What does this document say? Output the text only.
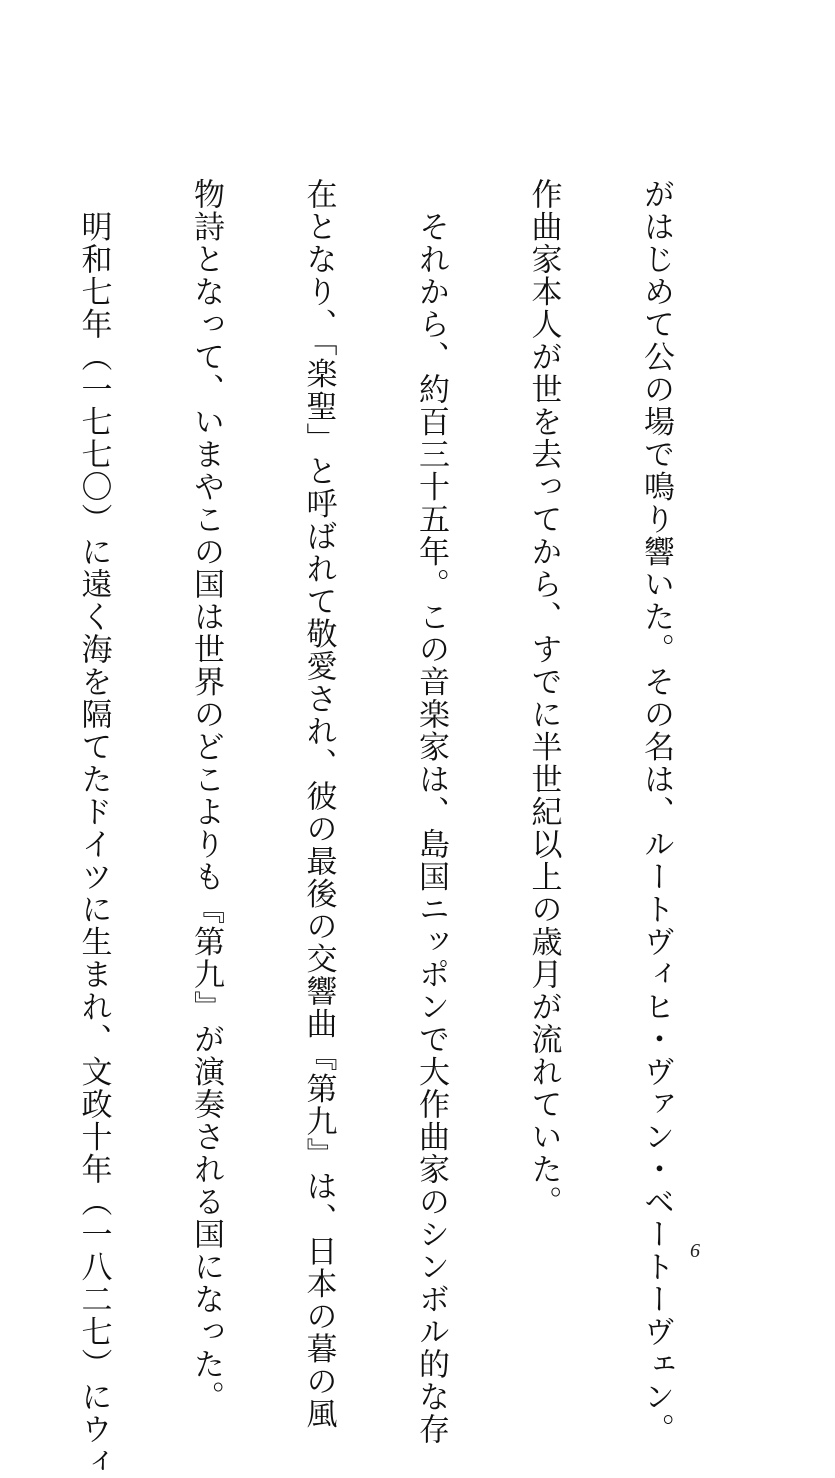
がはじめて公の場で鳴り響いた。その名は、ルートヴィヒ・ヴァン・ベートーヴェン。

作曲家本人が世を去ってから、すでに半世紀以上の歳月が流れていた。

　それから、約百三十五年。この音楽家は、島国ニッポンで大作曲家のシンボル的な存

在となり、「楽聖」と呼ばれて敬愛され、彼の最後の交響曲『第九』は、日本の暮の風

物詩となって、いまやこの国は世界のどこよりも『第九』が演奏される国になった。

　明和七年（一七七〇）に遠く海を隔てたドイツに生まれ、文政十年（一八二七）にウィ

	6
